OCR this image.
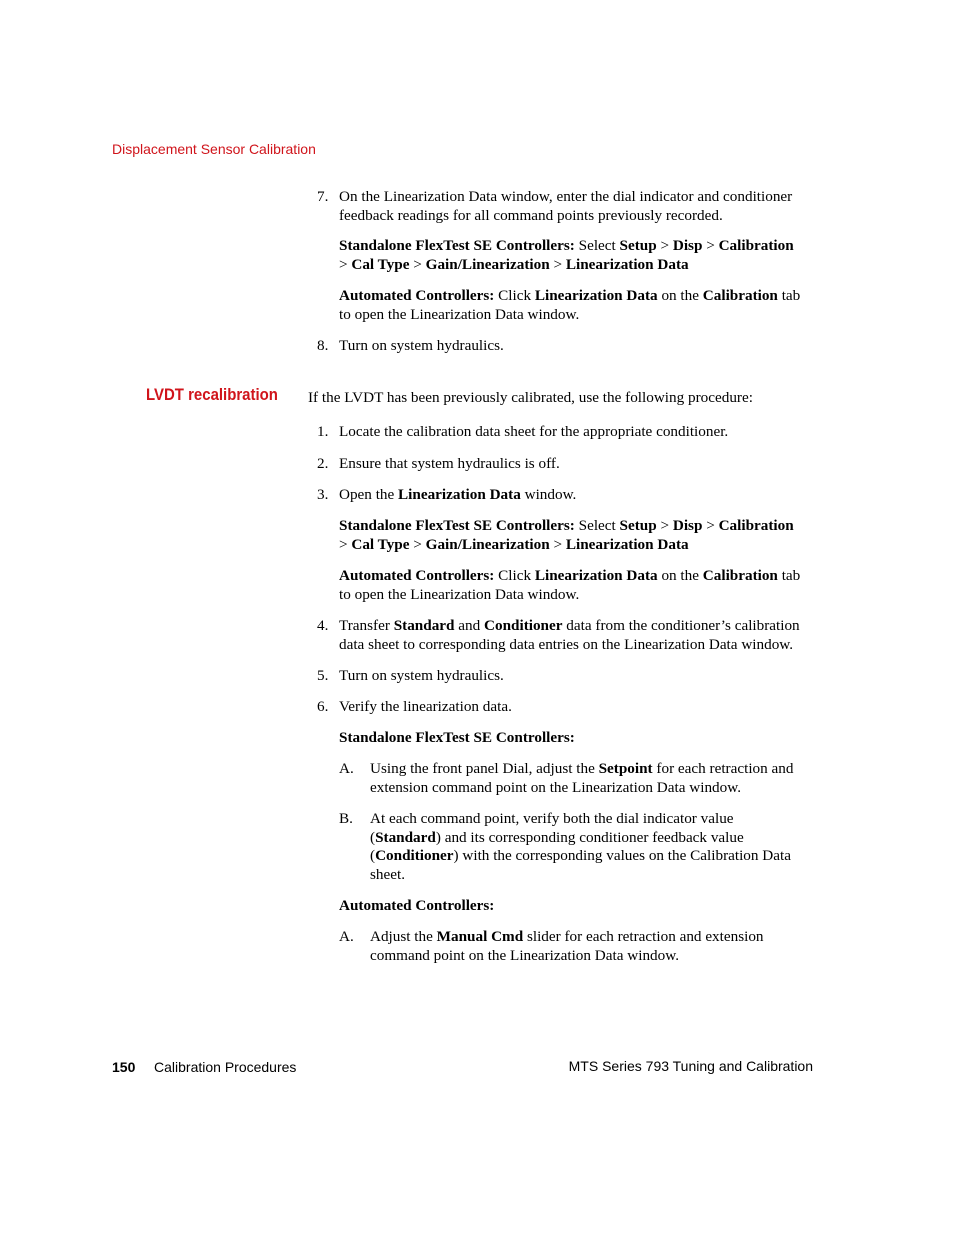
Displacement Sensor Calibration
7. On the Linearization Data window, enter the dial indicator and conditioner feedback readings for all command points previously recorded.
Standalone FlexTest SE Controllers: Select Setup > Disp > Calibration
> Cal Type > Gain/Linearization > Linearization Data
Automated Controllers: Click Linearization Data on the Calibration tab to open the Linearization Data window.
8. Turn on system hydraulics.
LVDT recalibration If the LVDT has been previously calibrated, use the following procedure:
1. Locate the calibration data sheet for the appropriate conditioner.
2. Ensure that system hydraulics is off.
3. Open the Linearization Data window.
Standalone FlexTest SE Controllers: Select Setup > Disp > Calibration
> Cal Type > Gain/Linearization > Linearization Data
Automated Controllers: Click Linearization Data on the Calibration tab to open the Linearization Data window.
4. Transfer Standard and Conditioner data from the conditioner’s calibration data sheet to corresponding data entries on the Linearization Data window.
5. Turn on system hydraulics.
6. Verify the linearization data.
Standalone FlexTest SE Controllers:
A. Using the front panel Dial, adjust the Setpoint for each retraction and extension command point on the Linearization Data window.
B. At each command point, verify both the dial indicator value (Standard) and its corresponding conditioner feedback value (Conditioner) with the corresponding values on the Calibration Data sheet.
Automated Controllers:
A. Adjust the Manual Cmd slider for each retraction and extension command point on the Linearization Data window.
150 Calibration Procedures	MTS Series 793 Tuning and Calibration
